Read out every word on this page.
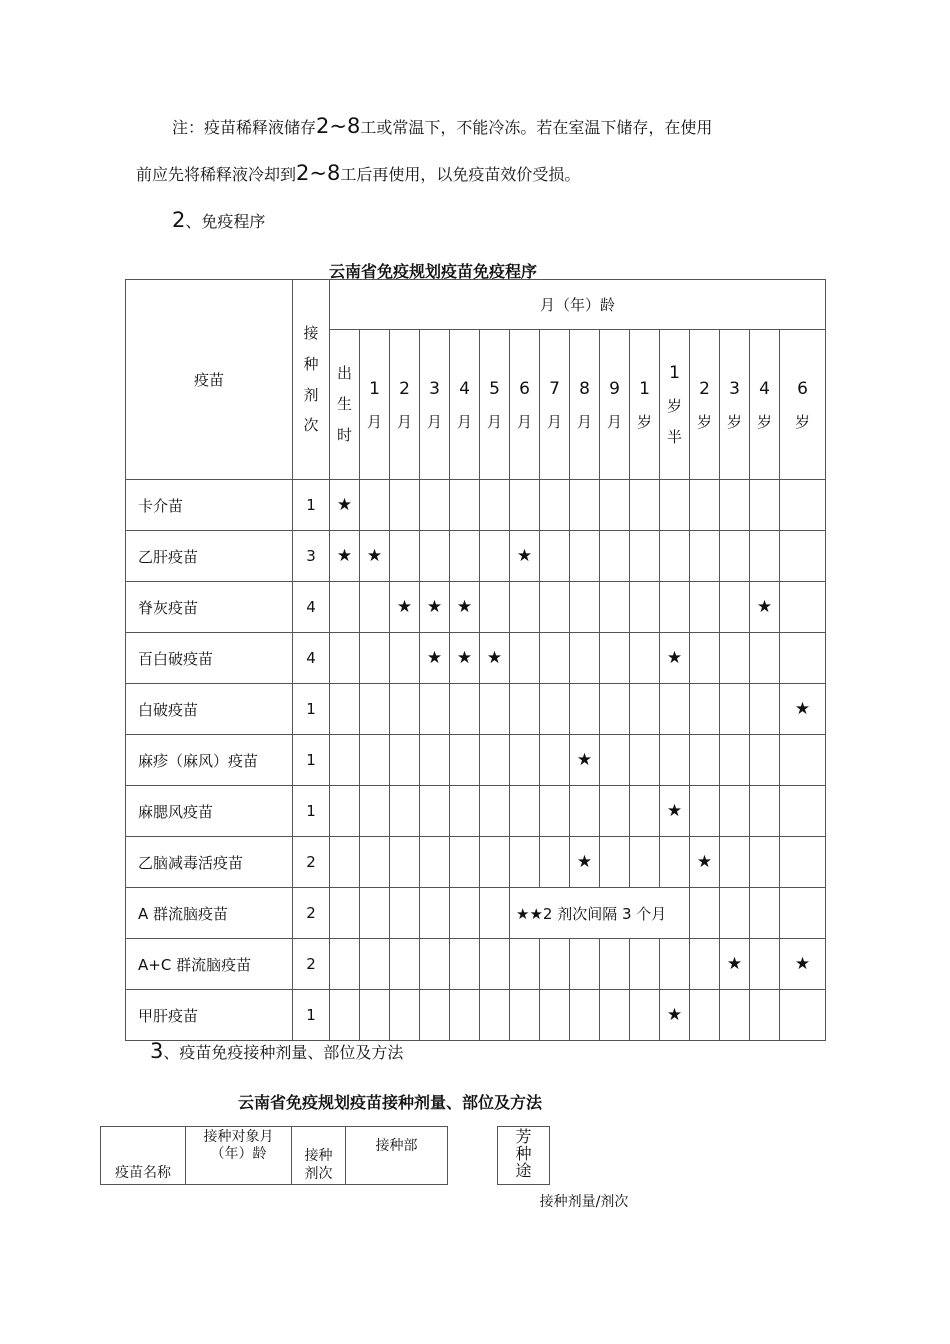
注：疫苗稀释液储存2~8工或常温下，不能冷冻。若在室温下储存，在使用
前应先将稀释液冷却到2~8工后再使用，以免疫苗效价受损。
2、免疫程序
云南省免疫规划疫苗免疫程序
疫苗	接
种
剂
次	月（年）龄															

		出
生
时	1
月	2
月	3
月	4
月	5
月	6
月	7
月	8
月	9
月	1
岁	1
岁
半	2
岁	3
岁	4
岁	6
岁

卡介苗	1	★															
乙肝疫苗	3	★	★					★									
脊灰疫苗	4			★	★	★										★	
百白破疫苗	4				★	★	★						★				
白破疫苗	1																★
麻疹（麻风）疫苗	1									★							
麻腮风疫苗	1												★				
乙脑减毒活疫苗	2									★				★			
A 群流脑疫苗	2							★★2 剂次间隔 3 个月									
A+C 群流脑疫苗	2														★		★
甲肝疫苗	1												★				
3、疫苗免疫接种剂量、部位及方法
云南省免疫规划疫苗接种剂量、部位及方法
疫苗名称	接种对象月（年）龄	接种剂次	接种部		芳种途
接种剂量/剂次
